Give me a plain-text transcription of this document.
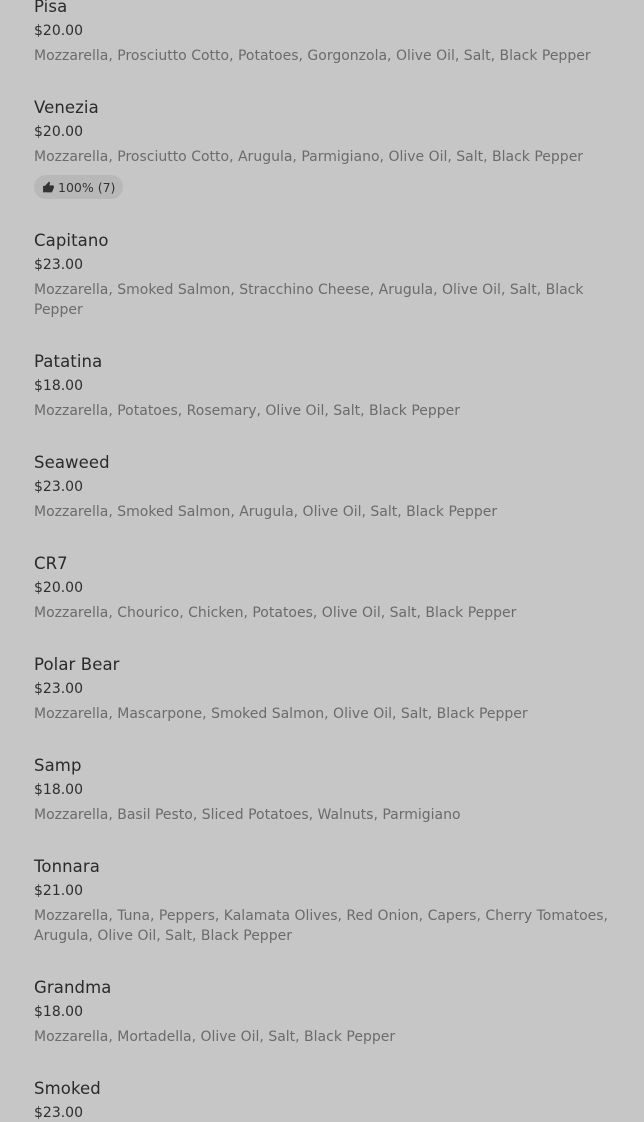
Pisa
$20.00
Mozzarella, Prosciutto Cotto, Potatoes, Gorgonzola, Olive Oil, Salt, Black Pepper
Venezia
$20.00
Mozzarella, Prosciutto Cotto, Arugula, Parmigiano, Olive Oil, Salt, Black Pepper
100% (7)
Capitano
$23.00
Mozzarella, Smoked Salmon, Stracchino Cheese, Arugula, Olive Oil, Salt, Black Pepper
Patatina
$18.00
Mozzarella, Potatoes, Rosemary, Olive Oil, Salt, Black Pepper
Seaweed
$23.00
Mozzarella, Smoked Salmon, Arugula, Olive Oil, Salt, Black Pepper
CR7
$20.00
Mozzarella, Chourico, Chicken, Potatoes, Olive Oil, Salt, Black Pepper
Polar Bear
$23.00
Mozzarella, Mascarpone, Smoked Salmon, Olive Oil, Salt, Black Pepper
Samp
$18.00
Mozzarella, Basil Pesto, Sliced Potatoes, Walnuts, Parmigiano
Tonnara
$21.00
Mozzarella, Tuna, Peppers, Kalamata Olives, Red Onion, Capers, Cherry Tomatoes, Arugula, Olive Oil, Salt, Black Pepper
Grandma
$18.00
Mozzarella, Mortadella, Olive Oil, Salt, Black Pepper
Smoked
$23.00
